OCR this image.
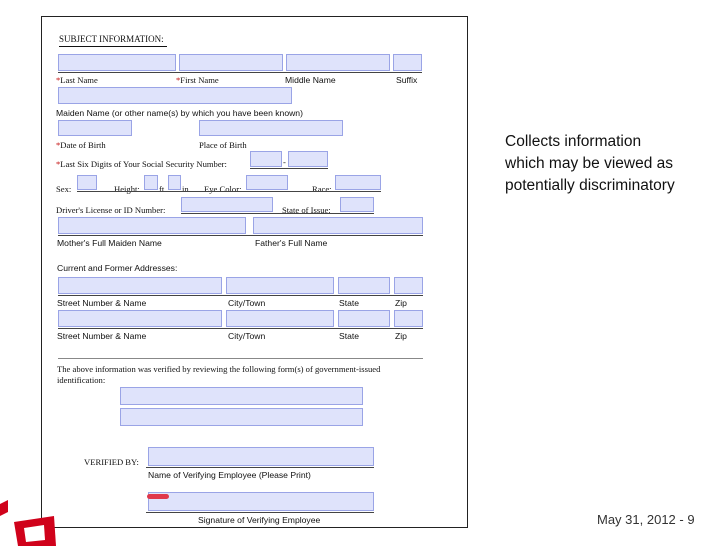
SUBJECT INFORMATION:
*Last Name	*First Name	Middle Name	Suffix
Maiden Name (or other name(s) by which you have been known)
*Date of Birth	Place of Birth
*Last Six Digits of Your Social Security Number:	-
Sex:	Height: ft. in. Eye Color:	Race:
Driver's License or ID Number:	State of Issue:
Mother's Full Maiden Name	Father's Full Name
Current and Former Addresses:
Street Number & Name	City/Town	State	Zip
Street Number & Name	City/Town	State	Zip
The above information was verified by reviewing the following form(s) of government-issued identification:
VERIFIED BY:
Name of Verifying Employee (Please Print)
Signature of Verifying Employee
Collects information
which may be viewed as
potentially discriminatory
May 31, 2012 - 9
